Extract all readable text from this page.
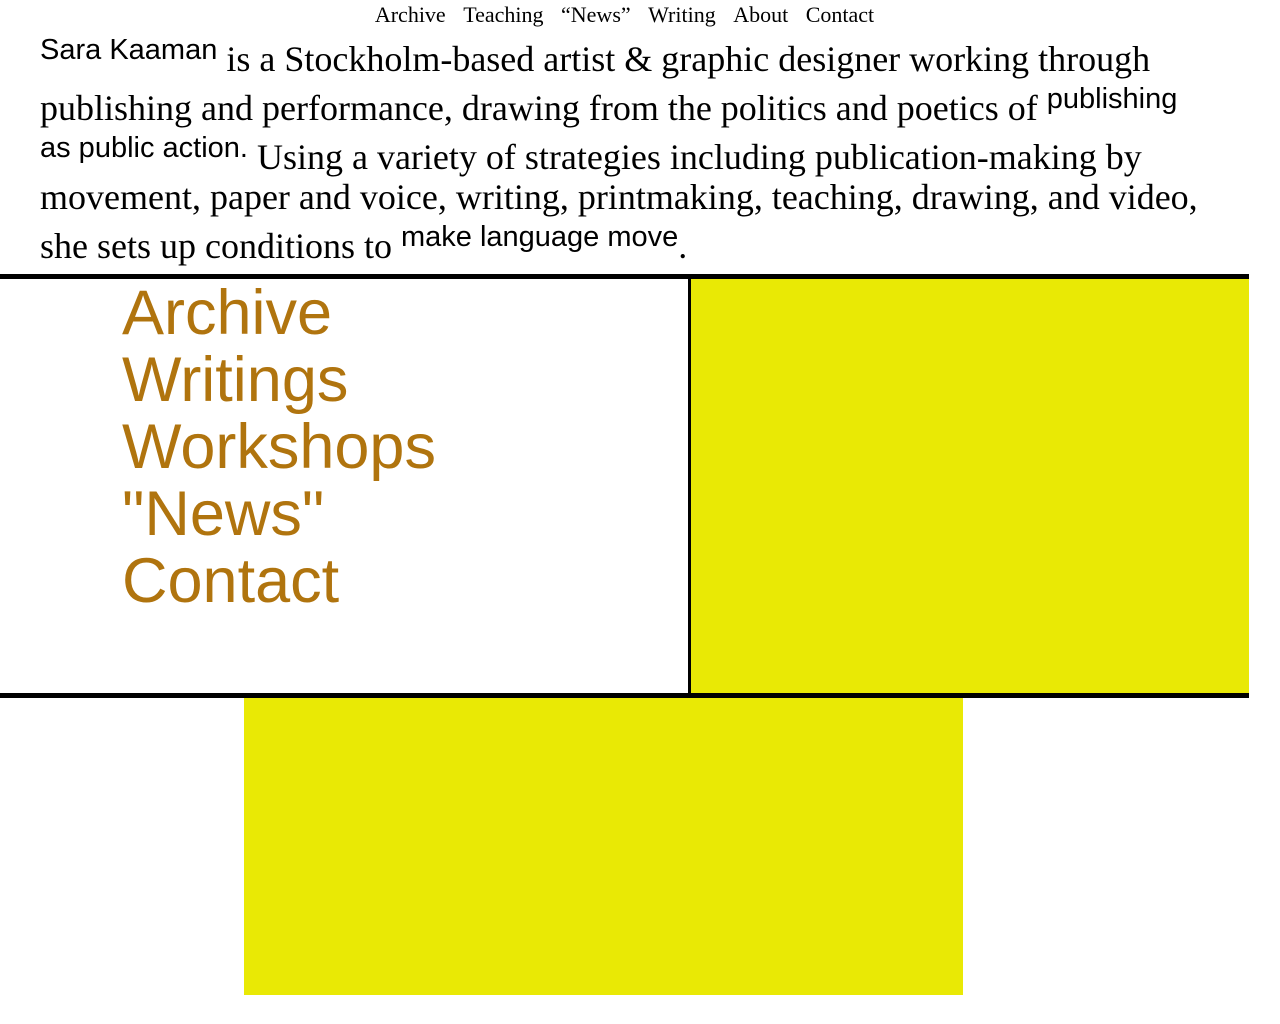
Archive Teaching “News” Writing About Contact

$^{Sara Kaaman}$ is a Stockholm-based artist & graphic designer working through publishing and performance, drawing from the politics and poetics of $^{publishing as public action.}$ Using a variety of strategies including publication-making by movement, paper and voice, writing, printmaking, teaching, drawing, and video, she sets up conditions to $^{make language move}$.

Archive
Writings
Workshops
"News"
Contact
